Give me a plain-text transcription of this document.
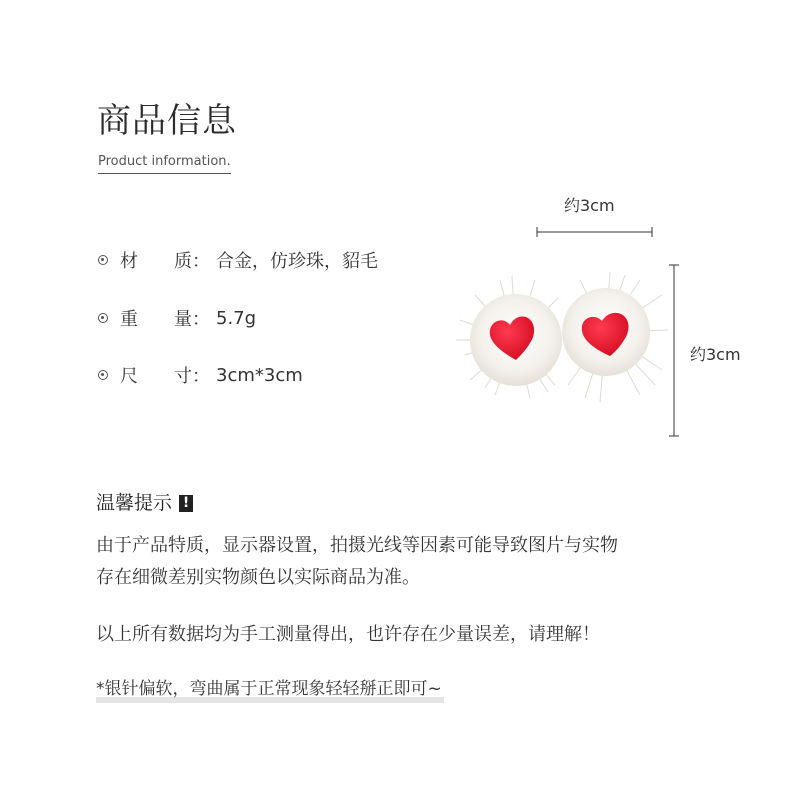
商品信息
Product information.
材　　质： 合金，仿珍珠，貂毛
重　　量： 5.7g
尺　　寸： 3cm*3cm
约3cm
约3cm
温馨提示 !
由于产品特质，显示器设置，拍摄光线等因素可能导致图片与实物
存在细微差别实物颜色以实际商品为准。
以上所有数据均为手工测量得出，也许存在少量误差，请理解！
*银针偏软，弯曲属于正常现象轻轻掰正即可~
